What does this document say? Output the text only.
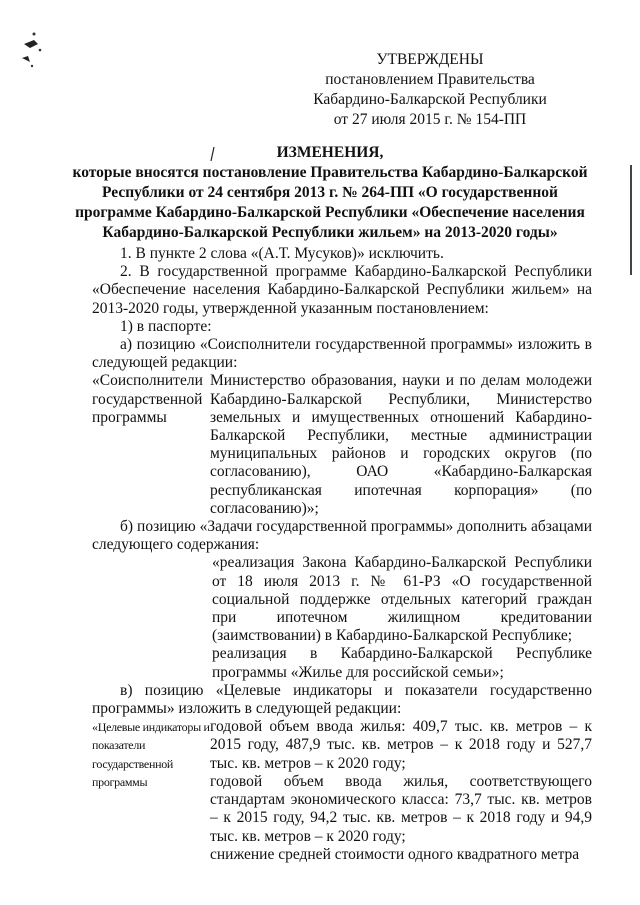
УТВЕРЖДЕНЫ
постановлением Правительства
Кабардино-Балкарской Республики
от 27 июля 2015 г. № 154-ПП
ИЗМЕНЕНИЯ,
которые вносятся постановление Правительства Кабардино-Балкарской
Республики от 24 сентября 2013 г. № 264-ПП «О государственной
программе Кабардино-Балкарской Республики «Обеспечение населения
Кабардино-Балкарской Республики жильем» на 2013-2020 годы»
1. В пункте 2 слова «(А.Т. Мусуков)» исключить.
2. В государственной программе Кабардино-Балкарской Республики «Обеспечение населения Кабардино-Балкарской Республики жильем» на 2013-2020 годы, утвержденной указанным постановлением:
1) в паспорте:
а) позицию «Соисполнители государственной программы» изложить в следующей редакции:
«Соисполнители государственной программы
Министерство образования, науки и по делам молодежи Кабардино-Балкарской Республики, Министерство земельных и имущественных отношений Кабардино-Балкарской Республики, местные администрации муниципальных районов и городских округов (по согласованию), ОАО «Кабардино-Балкарская республиканская ипотечная корпорация» (по согласованию)»;
б) позицию «Задачи государственной программы» дополнить абзацами следующего содержания:
«реализация Закона Кабардино-Балкарской Республики от 18 июля 2013 г. № 61-РЗ «О государственной социальной поддержке отдельных категорий граждан при ипотечном жилищном кредитовании (заимствовании) в Кабардино-Балкарской Республике;
реализация в Кабардино-Балкарской Республике программы «Жилье для российской семьи»;
в) позицию «Целевые индикаторы и показатели государственно программы» изложить в следующей редакции:
«Целевые индикаторы и показатели государственной программы
годовой объем ввода жилья: 409,7 тыс. кв. метров – к 2015 году, 487,9 тыс. кв. метров – к 2018 году и 527,7 тыс. кв. метров – к 2020 году;
годовой объем ввода жилья, соответствующего стандартам экономического класса: 73,7 тыс. кв. метров – к 2015 году, 94,2 тыс. кв. метров – к 2018 году и 94,9 тыс. кв. метров – к 2020 году;
снижение средней стоимости одного квадратного метра
